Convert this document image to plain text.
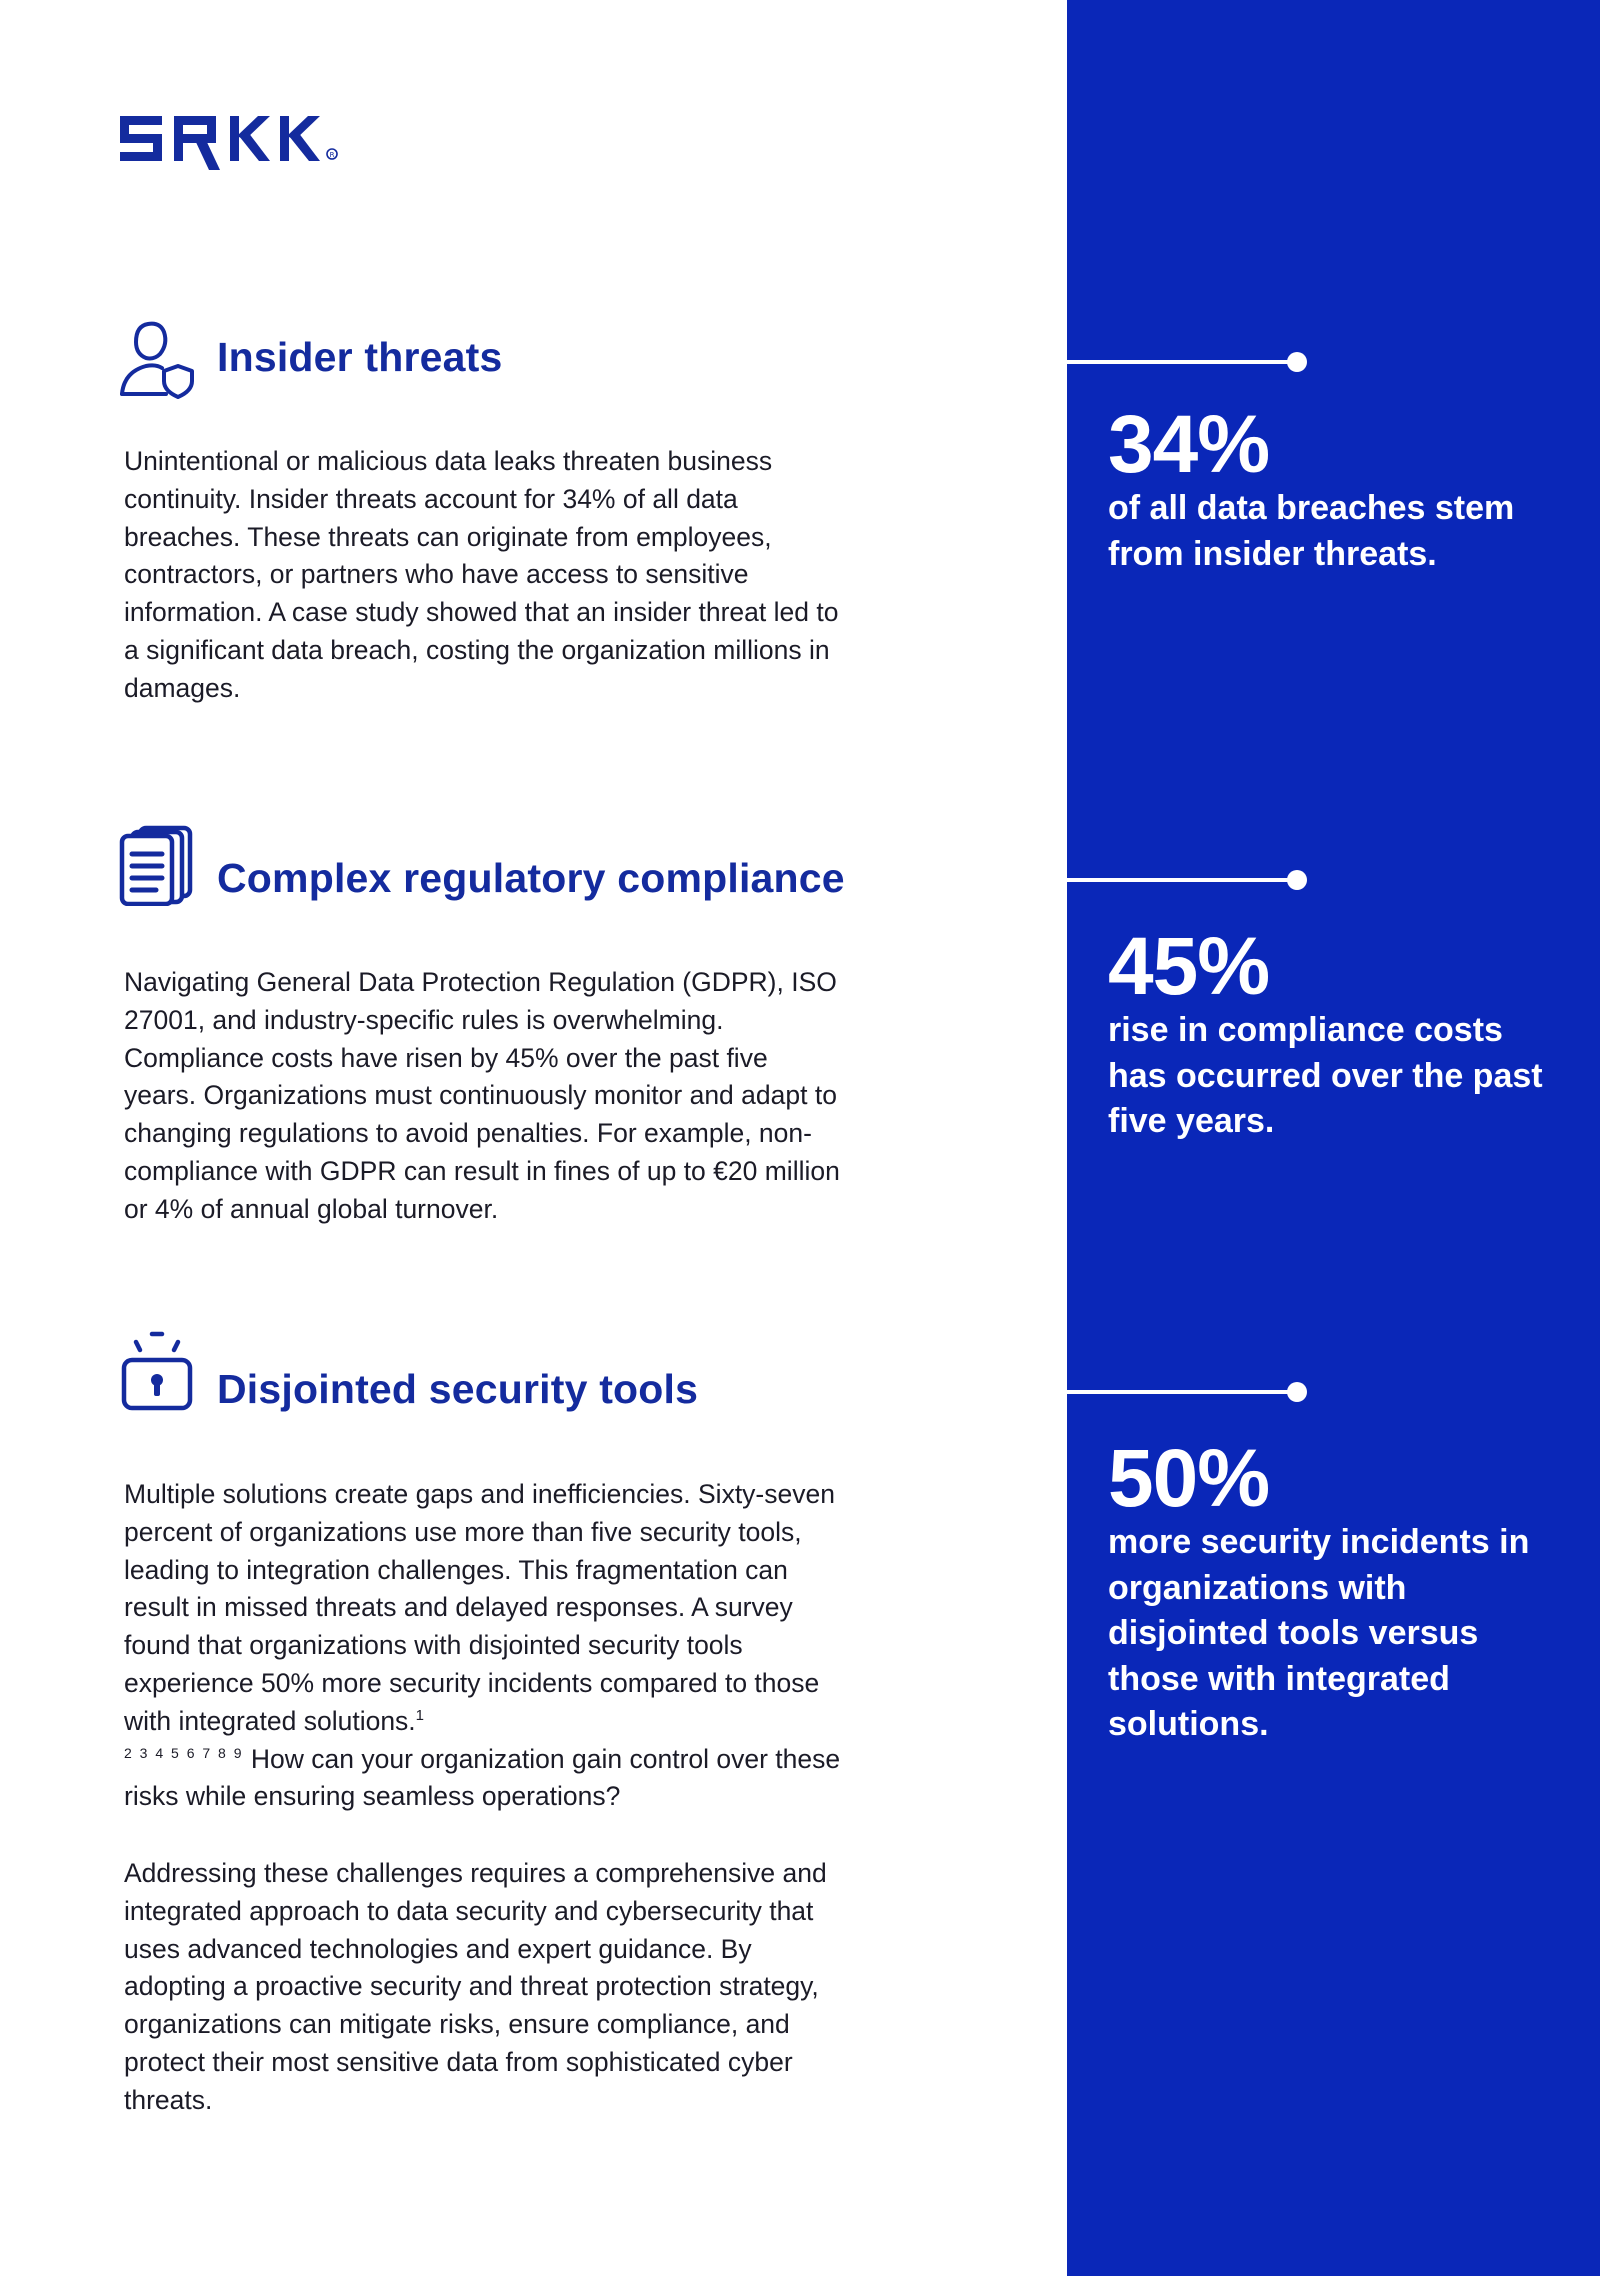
R
Insider threats

Unintentional or malicious data leaks threaten business continuity. Insider threats account for 34% of all data breaches. These threats can originate from employees, contractors, or partners who have access to sensitive information. A case study showed that an insider threat led to a significant data breach, costing the organization millions in damages.

Complex regulatory compliance

Navigating General Data Protection Regulation (GDPR), ISO 27001, and industry-specific rules is overwhelming. Compliance costs have risen by 45% over the past five years. Organizations must continuously monitor and adapt to changing regulations to avoid penalties. For example, non-compliance with GDPR can result in fines of up to €20 million or 4% of annual global turnover.

Disjointed security tools

Multiple solutions create gaps and inefficiencies. Sixty-seven percent of organizations use more than five security tools, leading to integration challenges. This fragmentation can result in missed threats and delayed responses. A survey found that organizations with disjointed security tools experience 50% more security incidents compared to those with integrated solutions.$^1$
$^{2 3 4 5 6 7 8 9}$ How can your organization gain control over these risks while ensuring seamless operations?

Addressing these challenges requires a comprehensive and integrated approach to data security and cybersecurity that uses advanced technologies and expert guidance. By adopting a proactive security and threat protection strategy, organizations can mitigate risks, ensure compliance, and protect their most sensitive data from sophisticated cyber threats.

34%

of all data breaches stem from insider threats.

45%

rise in compliance costs has occurred over the past five years.

50%

more security incidents in organizations with disjointed tools versus those with integrated solutions.
